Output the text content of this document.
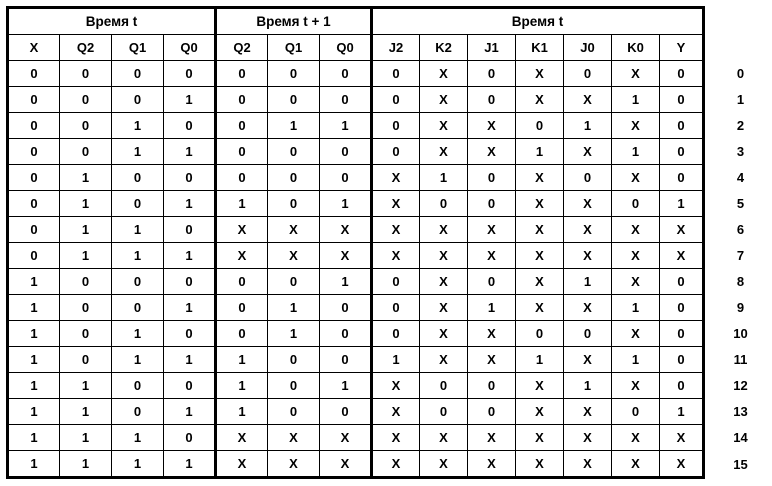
Время t				Время t + 1			Время t								
X	Q2	Q1	Q0	Q2	Q1	Q0	J2	K2	J1	K1	J0	K0	Y		
0	0	0	0	0	0	0	0	X	0	X	0	X	0		0
0	0	0	1	0	0	0	0	X	0	X	X	1	0		1
0	0	1	0	0	1	1	0	X	X	0	1	X	0		2
0	0	1	1	0	0	0	0	X	X	1	X	1	0		3
0	1	0	0	0	0	0	X	1	0	X	0	X	0		4
0	1	0	1	1	0	1	X	0	0	X	X	0	1		5
0	1	1	0	X	X	X	X	X	X	X	X	X	X		6
0	1	1	1	X	X	X	X	X	X	X	X	X	X		7
1	0	0	0	0	0	1	0	X	0	X	1	X	0		8
1	0	0	1	0	1	0	0	X	1	X	X	1	0		9
1	0	1	0	0	1	0	0	X	X	0	0	X	0		10
1	0	1	1	1	0	0	1	X	X	1	X	1	0		11
1	1	0	0	1	0	1	X	0	0	X	1	X	0		12
1	1	0	1	1	0	0	X	0	0	X	X	0	1		13
1	1	1	0	X	X	X	X	X	X	X	X	X	X		14
1	1	1	1	X	X	X	X	X	X	X	X	X	X		15
